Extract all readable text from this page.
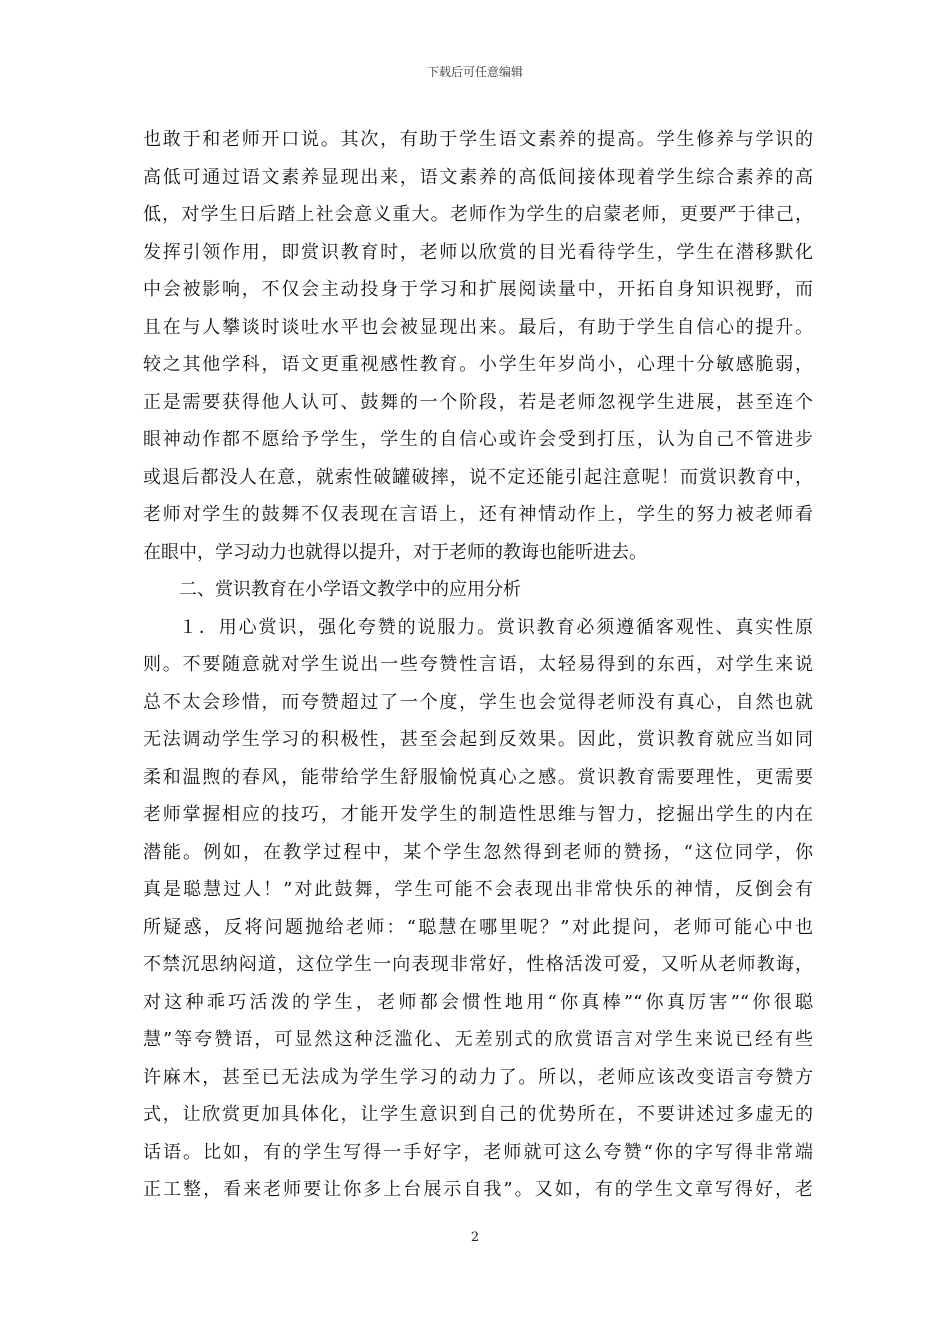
下载后可任意编辑
也敢于和老师开口说。其次，有助于学生语文素养的提高。学生修养与学识的
高低可通过语文素养显现出来，语文素养的高低间接体现着学生综合素养的高
低，对学生日后踏上社会意义重大。老师作为学生的启蒙老师，更要严于律己，
发挥引领作用，即赏识教育时，老师以欣赏的目光看待学生，学生在潜移默化
中会被影响，不仅会主动投身于学习和扩展阅读量中，开拓自身知识视野，而
且在与人攀谈时谈吐水平也会被显现出来。最后，有助于学生自信心的提升。
较之其他学科，语文更重视感性教育。小学生年岁尚小，心理十分敏感脆弱，
正是需要获得他人认可、鼓舞的一个阶段，若是老师忽视学生进展，甚至连个
眼神动作都不愿给予学生，学生的自信心或许会受到打压，认为自己不管进步
或退后都没人在意，就索性破罐破摔，说不定还能引起注意呢！而赏识教育中，
老师对学生的鼓舞不仅表现在言语上，还有神情动作上，学生的努力被老师看
在眼中，学习动力也就得以提升，对于老师的教诲也能听进去。
二、赏识教育在小学语文教学中的应用分析
１．用心赏识，强化夸赞的说服力。赏识教育必须遵循客观性、真实性原
则。不要随意就对学生说出一些夸赞性言语，太轻易得到的东西，对学生来说
总不太会珍惜，而夸赞超过了一个度，学生也会觉得老师没有真心，自然也就
无法调动学生学习的积极性，甚至会起到反效果。因此，赏识教育就应当如同
柔和温煦的春风，能带给学生舒服愉悦真心之感。赏识教育需要理性，更需要
老师掌握相应的技巧，才能开发学生的制造性思维与智力，挖掘出学生的内在
潜能。例如，在教学过程中，某个学生忽然得到老师的赞扬，“这位同学，你
真是聪慧过人！”对此鼓舞，学生可能不会表现出非常快乐的神情，反倒会有
所疑惑，反将问题抛给老师：“聪慧在哪里呢？”对此提问，老师可能心中也
不禁沉思纳闷道，这位学生一向表现非常好，性格活泼可爱，又听从老师教诲，
对这种乖巧活泼的学生，老师都会惯性地用“你真棒”“你真厉害”“你很聪
慧”等夸赞语，可显然这种泛滥化、无差别式的欣赏语言对学生来说已经有些
许麻木，甚至已无法成为学生学习的动力了。所以，老师应该改变语言夸赞方
式，让欣赏更加具体化，让学生意识到自己的优势所在，不要讲述过多虚无的
话语。比如，有的学生写得一手好字，老师就可这么夸赞“你的字写得非常端
正工整，看来老师要让你多上台展示自我”。又如，有的学生文章写得好，老
2
